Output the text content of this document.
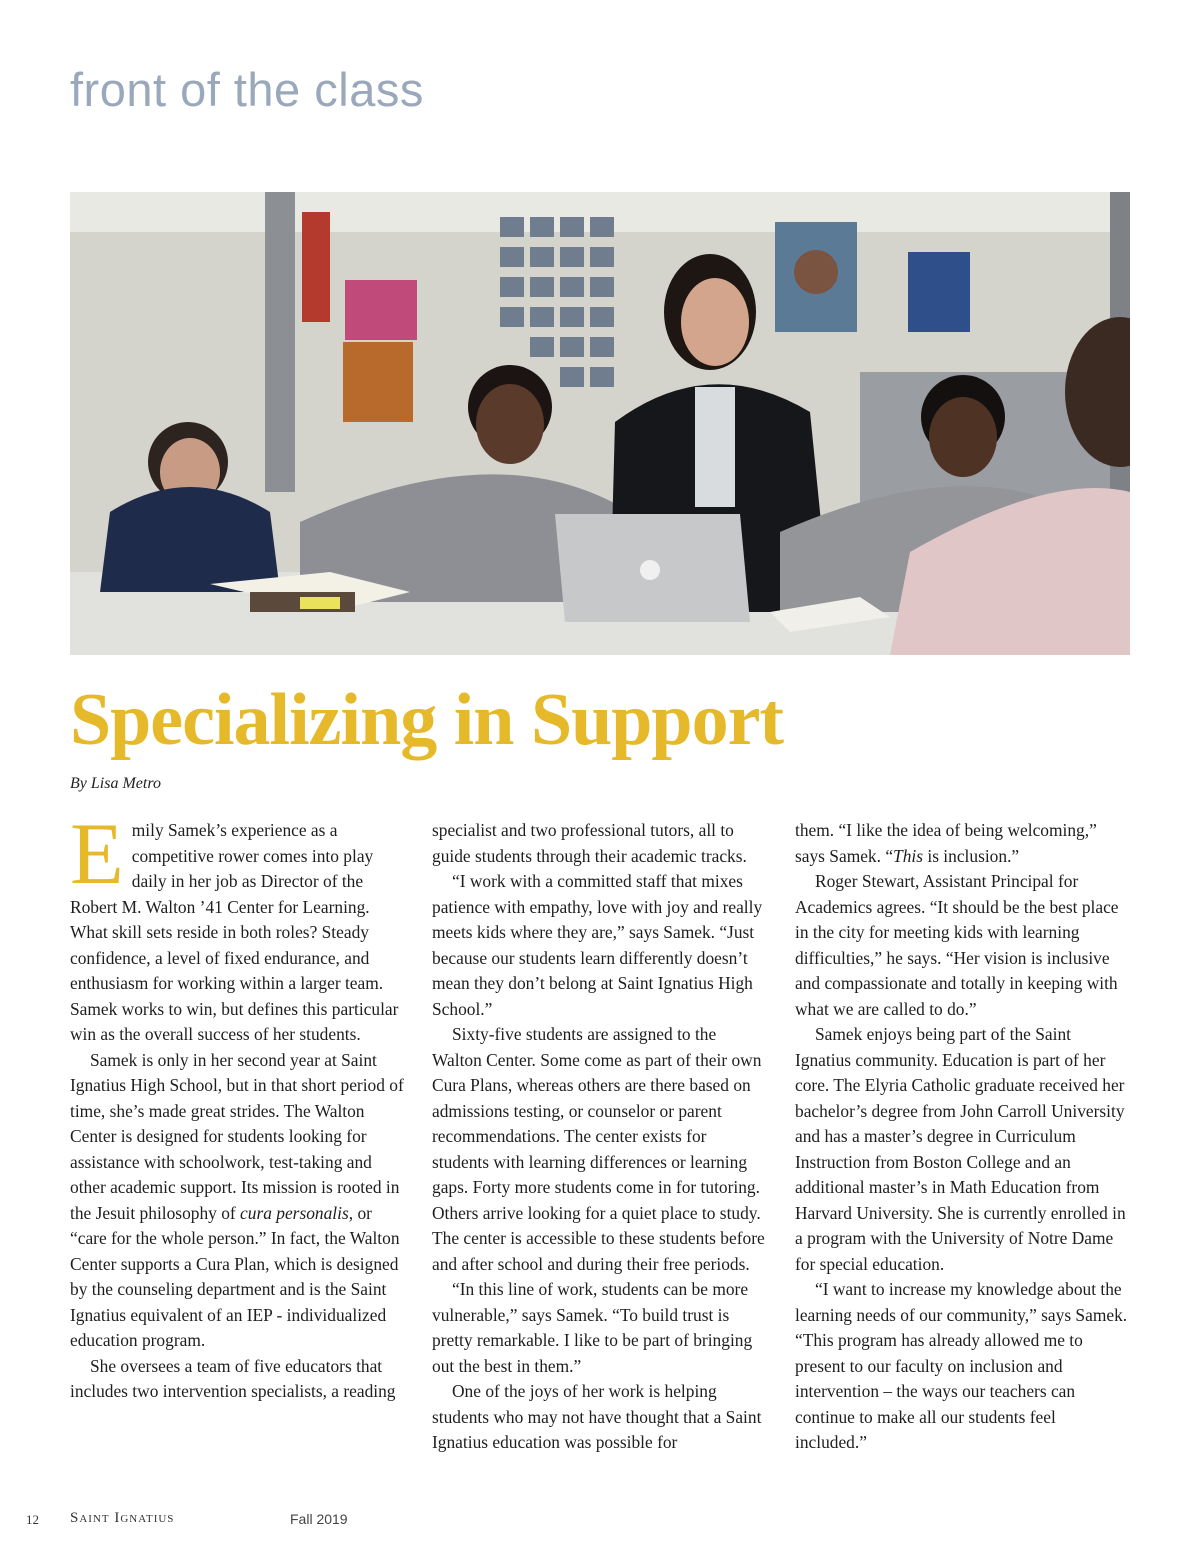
front of the class
Specializing in Support

By Lisa Metro

Emily Samek’s experience as a competitive rower comes into play daily in her job as Director of the Robert M. Walton ’41 Center for Learning. What skill sets reside in both roles? Steady confidence, a level of fixed endurance, and enthusiasm for working within a larger team. Samek works to win, but defines this particular win as the overall success of her students.

Samek is only in her second year at Saint Ignatius High School, but in that short period of time, she’s made great strides. The Walton Center is designed for students looking for assistance with schoolwork, test-taking and other academic support. Its mission is rooted in the Jesuit philosophy of cura personalis, or “care for the whole person.” In fact, the Walton Center supports a Cura Plan, which is designed by the counseling department and is the Saint Ignatius equivalent of an IEP - individualized education program.

She oversees a team of five educators that includes two intervention specialists, a reading

specialist and two professional tutors, all to guide students through their academic tracks.

“I work with a committed staff that mixes patience with empathy, love with joy and really meets kids where they are,” says Samek. “Just because our students learn differently doesn’t mean they don’t belong at Saint Ignatius High School.”

Sixty-five students are assigned to the Walton Center. Some come as part of their own Cura Plans, whereas others are there based on admissions testing, or counselor or parent recommendations. The center exists for students with learning differences or learning gaps. Forty more students come in for tutoring. Others arrive looking for a quiet place to study. The center is accessible to these students before and after school and during their free periods.

“In this line of work, students can be more vulnerable,” says Samek. “To build trust is pretty remarkable. I like to be part of bringing out the best in them.”

One of the joys of her work is helping students who may not have thought that a Saint Ignatius education was possible for

them. “I like the idea of being welcoming,” says Samek. “This is inclusion.”

Roger Stewart, Assistant Principal for Academics agrees. “It should be the best place in the city for meeting kids with learning difficulties,” he says. “Her vision is inclusive and compassionate and totally in keeping with what we are called to do.”

Samek enjoys being part of the Saint Ignatius community. Education is part of her core. The Elyria Catholic graduate received her bachelor’s degree from John Carroll University and has a master’s degree in Curriculum Instruction from Boston College and an additional master’s in Math Education from Harvard University. She is currently enrolled in a program with the University of Notre Dame for special education.

“I want to increase my knowledge about the learning needs of our community,” says Samek. “This program has already allowed me to present to our faculty on inclusion and intervention – the ways our teachers can continue to make all our students feel included.”

12 Saint Ignatius	Fall 2019
